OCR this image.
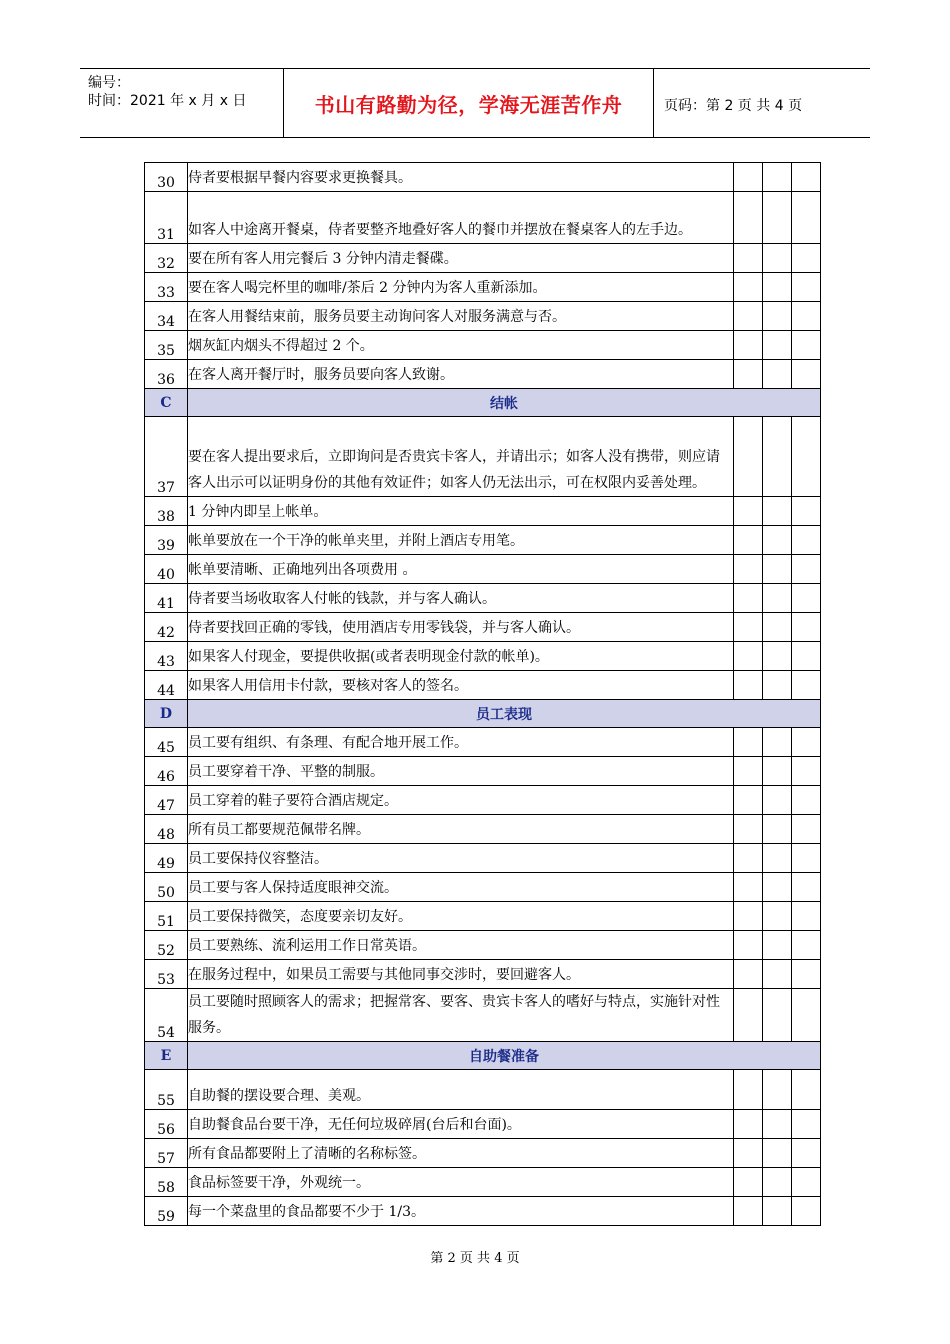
编号：
时间：2021 年 x 月 x 日	书山有路勤为径，学海无涯苦作舟	页码：第 2 页 共 4 页
30	侍者要根据早餐内容要求更换餐具。			
31	如客人中途离开餐桌，侍者要整齐地叠好客人的餐巾并摆放在餐桌客人的左手边。			
32	要在所有客人用完餐后 3 分钟内清走餐碟。			
33	要在客人喝完杯里的咖啡/茶后 2 分钟内为客人重新添加。			
34	在客人用餐结束前，服务员要主动询问客人对服务满意与否。			
35	烟灰缸内烟头不得超过 2 个。			
36	在客人离开餐厅时，服务员要向客人致谢。			
C	结帐			
37	要在客人提出要求后，立即询问是否贵宾卡客人，并请出示；如客人没有携带，则应请客人出示可以证明身份的其他有效证件；如客人仍无法出示，可在权限内妥善处理。			
38	1 分钟内即呈上帐单。			
39	帐单要放在一个干净的帐单夹里，并附上酒店专用笔。			
40	帐单要清晰、正确地列出各项费用 。			
41	侍者要当场收取客人付帐的钱款，并与客人确认。			
42	侍者要找回正确的零钱，使用酒店专用零钱袋，并与客人确认。			
43	如果客人付现金，要提供收据(或者表明现金付款的帐单)。			
44	如果客人用信用卡付款，要核对客人的签名。			
D	员工表现			
45	员工要有组织、有条理、有配合地开展工作。			
46	员工要穿着干净、平整的制服。			
47	员工穿着的鞋子要符合酒店规定。			
48	所有员工都要规范佩带名牌。			
49	员工要保持仪容整洁。			
50	员工要与客人保持适度眼神交流。			
51	员工要保持微笑，态度要亲切友好。			
52	员工要熟练、流利运用工作日常英语。			
53	在服务过程中，如果员工需要与其他同事交涉时，要回避客人。			
54	员工要随时照顾客人的需求；把握常客、要客、贵宾卡客人的嗜好与特点，实施针对性服务。			
E	自助餐准备			
55	自助餐的摆设要合理、美观。			
56	自助餐食品台要干净，无任何垃圾碎屑(台后和台面)。			
57	所有食品都要附上了清晰的名称标签。			
58	食品标签要干净，外观统一。			
59	每一个菜盘里的食品都要不少于 1/3。			
第 2 页 共 4 页
